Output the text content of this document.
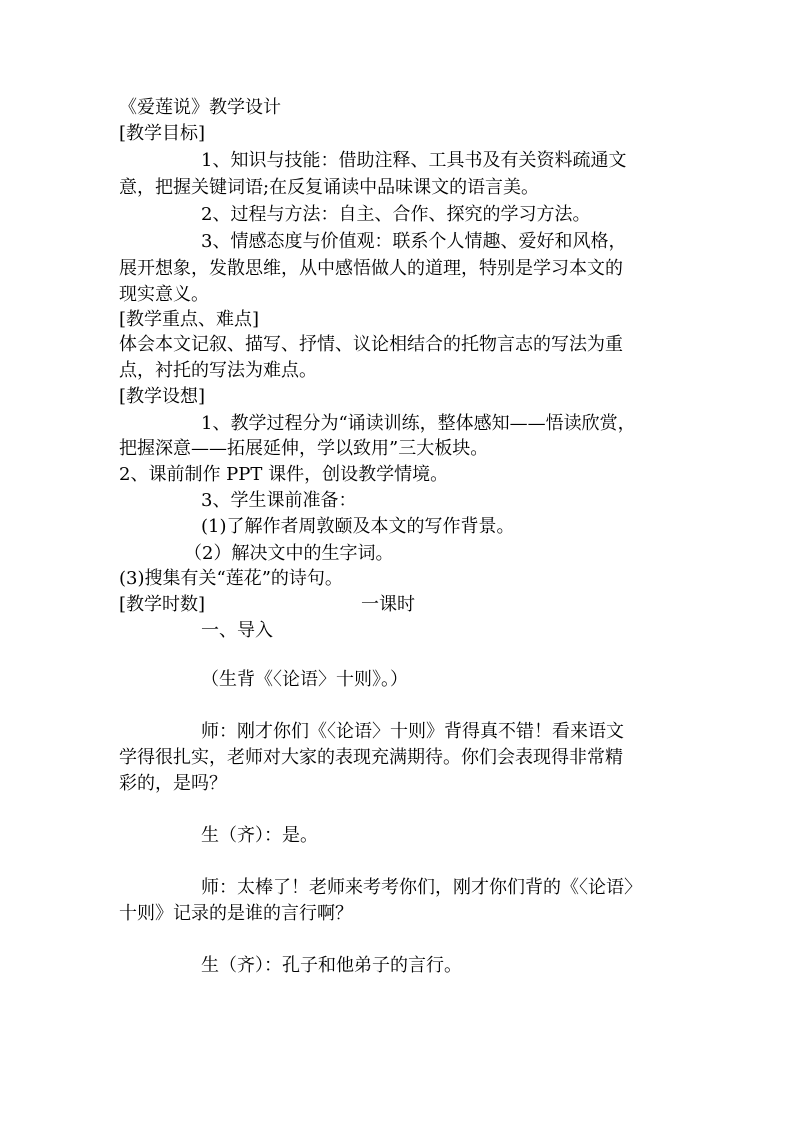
《爱莲说》教学设计
[教学目标]
1、知识与技能：借助注释、工具书及有关资料疏通文
意，把握关键词语;在反复诵读中品味课文的语言美。
2、过程与方法：自主、合作、探究的学习方法。
3、情感态度与价值观：联系个人情趣、爱好和风格，
展开想象，发散思维，从中感悟做人的道理，特别是学习本文的
现实意义。
[教学重点、难点]
体会本文记叙、描写、抒情、议论相结合的托物言志的写法为重
点，衬托的写法为难点。
[教学设想]
1、教学过程分为“诵读训练，整体感知——悟读欣赏，
把握深意——拓展延伸，学以致用”三大板块。
2、课前制作 PPT 课件，创设教学情境。
3、学生课前准备：
(1)了解作者周敦颐及本文的写作背景。
（2）解决文中的生字词。
(3)搜集有关“莲花”的诗句。
[教学时数]	一课时
一、导入
（生背《〈论语〉十则》。）
师：刚才你们《〈论语〉十则》背得真不错！看来语文
学得很扎实，老师对大家的表现充满期待。你们会表现得非常精
彩的，是吗？
生（齐）：是。
师：太棒了！老师来考考你们，刚才你们背的《〈论语〉
十则》记录的是谁的言行啊？
生（齐）：孔子和他弟子的言行。
